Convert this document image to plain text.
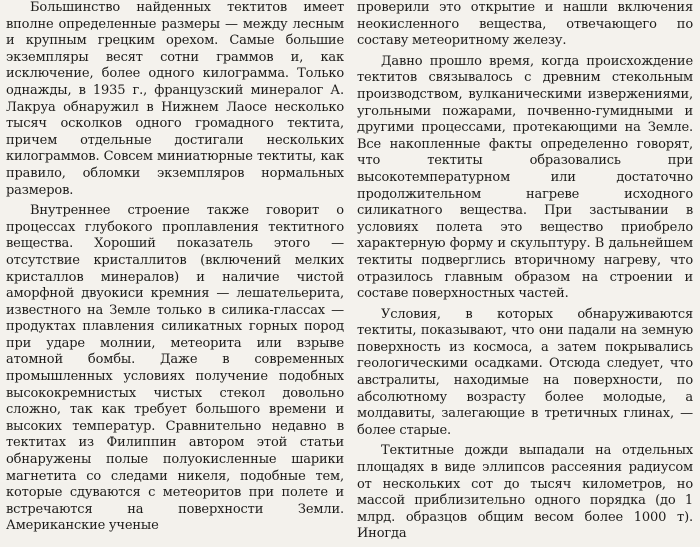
Большинство найденных тектитов имеет вполне определенные размеры — между лесным и крупным грецким орехом. Самые большие экземпляры весят сотни граммов и, как исключение, более одного килограмма. Только однажды, в 1935 г., французский минералог А. Лакруа обнаружил в Нижнем Лаосе несколько тысяч осколков одного громадного тектита, причем отдельные достигали нескольких килограммов. Совсем миниатюрные тектиты, как правило, обломки экземпляров нормальных размеров.

Внутреннее строение также говорит о процессах глубокого проплавления тектитного вещества. Хороший показатель этого — отсутствие кристаллитов (включений мелких кристаллов минералов) и наличие чистой аморфной двуокиси кремния — лешательерита, известного на Земле только в силика-глассах — продуктах плавления силикатных горных пород при ударе молнии, метеорита или взрыве атомной бомбы. Даже в современных промышленных условиях получение подобных высококремнистых чистых стекол довольно сложно, так как требует большого времени и высоких температур. Сравнительно недавно в тектитах из Филиппин автором этой статьи обнаружены полые полуокисленные шарики магнетита со следами никеля, подобные тем, которые сдуваются с метеоритов при полете и встречаются на поверхности Земли. Американские ученые

проверили это открытие и нашли включения неокисленного вещества, отвечающего по составу метеоритному железу.

Давно прошло время, когда происхождение тектитов связывалось с древним стекольным производством, вулканическими извержениями, угольными пожарами, почвенно-гумидными и другими процессами, протекающими на Земле. Все накопленные факты определенно говорят, что тектиты образовались при высокотемпературном или достаточно продолжительном нагреве исходного силикатного вещества. При застывании в условиях полета это вещество приобрело характерную форму и скульптуру. В дальнейшем тектиты подверглись вторичному нагреву, что отразилось главным образом на строении и составе поверхностных частей.

Условия, в которых обнаруживаются тектиты, показывают, что они падали на земную поверхность из космоса, а затем покрывались геологическими осадками. Отсюда следует, что австралиты, находимые на поверхности, по абсолютному возрасту более молодые, а молдавиты, залегающие в третичных глинах, — более старые.

Тектитные дожди выпадали на отдельных площадях в виде эллипсов рассеяния радиусом от нескольких сот до тысяч километров, но массой приблизительно одного порядка (до 1 млрд. образцов общим весом более 1000 т). Иногда
